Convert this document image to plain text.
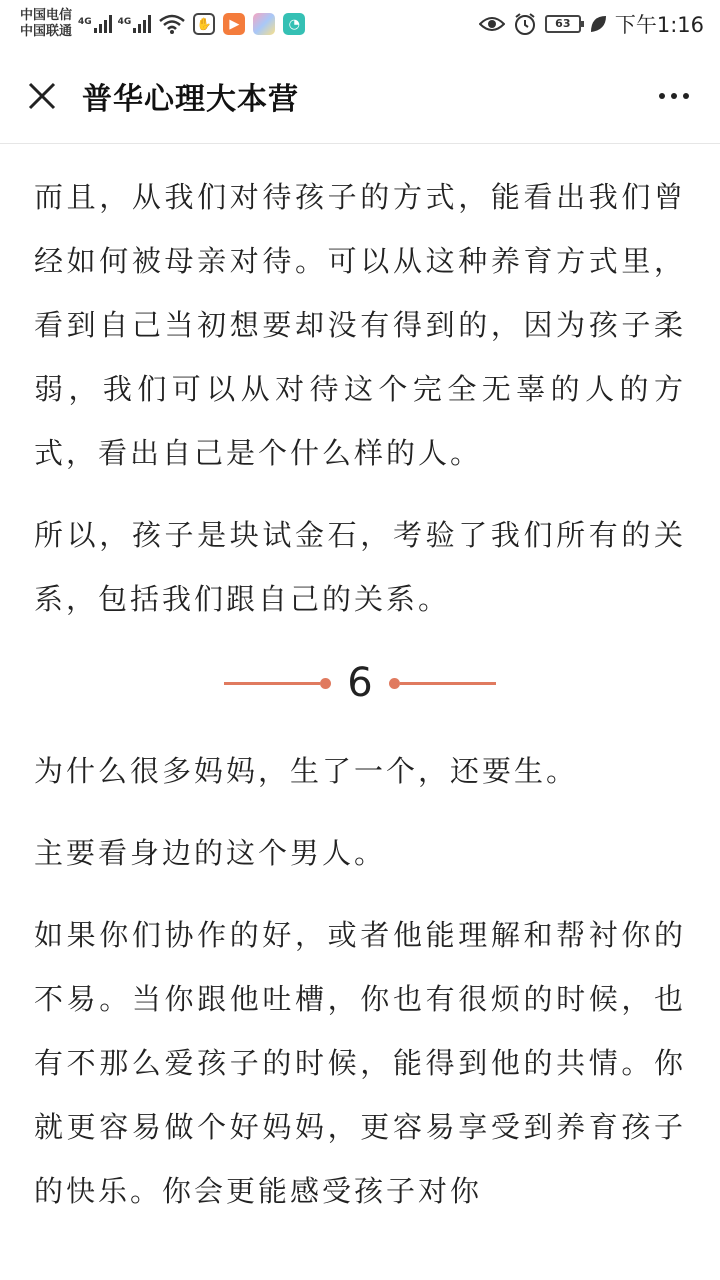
中国电信
中国联通
4G	4G	✋	▶	◔	63	下午1:16
普华心理大本营

而且，从我们对待孩子的方式，能看出我们曾经如何被母亲对待。可以从这种养育方式里，看到自己当初想要却没有得到的，因为孩子柔弱，我们可以从对待这个完全无辜的人的方式，看出自己是个什么样的人。

所以，孩子是块试金石，考验了我们所有的关系，包括我们跟自己的关系。

6

为什么很多妈妈，生了一个，还要生。

主要看身边的这个男人。

如果你们协作的好，或者他能理解和帮衬你的不易。当你跟他吐槽，你也有很烦的时候，也有不那么爱孩子的时候，能得到他的共情。你就更容易做个好妈妈，更容易享受到养育孩子的快乐。你会更能感受孩子对你
